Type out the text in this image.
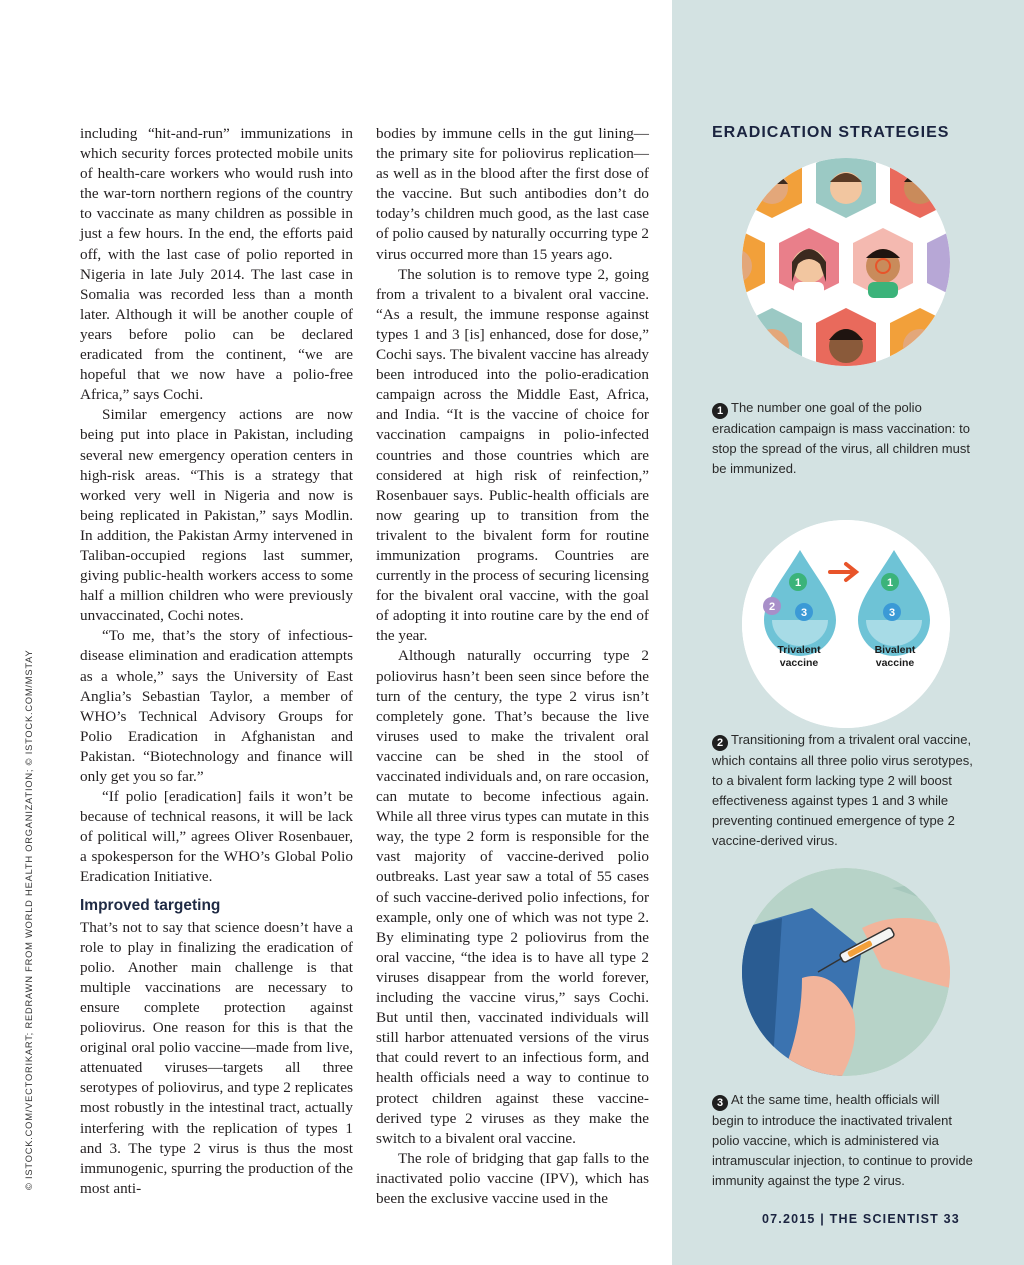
© ISTOCK.COM/VECTORIKART; REDRAWN FROM WORLD HEALTH ORGANIZATION; © ISTOCK.COM/MSTAY

including “hit-and-run” immunizations in which security forces protected mobile units of health-care workers who would rush into the war-torn northern regions of the country to vaccinate as many children as possible in just a few hours. In the end, the efforts paid off, with the last case of polio reported in Nigeria in late July 2014. The last case in Somalia was recorded less than a month later. Although it will be another couple of years before polio can be declared eradicated from the continent, “we are hopeful that we now have a polio-free Africa,” says Cochi.

Similar emergency actions are now being put into place in Pakistan, including several new emergency operation centers in high-risk areas. “This is a strategy that worked very well in Nigeria and now is being replicated in Pakistan,” says Modlin. In addition, the Pakistan Army intervened in Taliban-occupied regions last summer, giving public-health workers access to some half a million children who were previously unvaccinated, Cochi notes.

“To me, that’s the story of infectious-disease elimination and eradication attempts as a whole,” says the University of East Anglia’s Sebastian Taylor, a member of WHO’s Technical Advisory Groups for Polio Eradication in Afghanistan and Pakistan. “Biotechnology and finance will only get you so far.”

“If polio [eradication] fails it won’t be because of technical reasons, it will be lack of political will,” agrees Oliver Rosenbauer, a spokesperson for the WHO’s Global Polio Eradication Initiative.

Improved targeting

That’s not to say that science doesn’t have a role to play in finalizing the eradication of polio. Another main challenge is that multiple vaccinations are necessary to ensure complete protection against poliovirus. One reason for this is that the original oral polio vaccine—made from live, attenuated viruses—targets all three serotypes of poliovirus, and type 2 replicates most robustly in the intestinal tract, actually interfering with the replication of types 1 and 3. The type 2 virus is thus the most immunogenic, spurring the production of the most anti-

bodies by immune cells in the gut lining—the primary site for poliovirus replication—as well as in the blood after the first dose of the vaccine. But such antibodies don’t do today’s children much good, as the last case of polio caused by naturally occurring type 2 virus occurred more than 15 years ago.

The solution is to remove type 2, going from a trivalent to a bivalent oral vaccine. “As a result, the immune response against types 1 and 3 [is] enhanced, dose for dose,” Cochi says. The bivalent vaccine has already been introduced into the polio-eradication campaign across the Middle East, Africa, and India. “It is the vaccine of choice for vaccination campaigns in polio-infected countries and those countries which are considered at high risk of reinfection,” Rosenbauer says. Public-health officials are now gearing up to transition from the trivalent to the bivalent form for routine immunization programs. Countries are currently in the process of securing licensing for the bivalent oral vaccine, with the goal of adopting it into routine care by the end of the year.

Although naturally occurring type 2 poliovirus hasn’t been seen since before the turn of the century, the type 2 virus isn’t completely gone. That’s because the live viruses used to make the trivalent oral vaccine can be shed in the stool of vaccinated individuals and, on rare occasion, can mutate to become infectious again. While all three virus types can mutate in this way, the type 2 form is responsible for the vast majority of vaccine-derived polio outbreaks. Last year saw a total of 55 cases of such vaccine-derived polio infections, for example, only one of which was not type 2. By eliminating type 2 poliovirus from the oral vaccine, “the idea is to have all type 2 viruses disappear from the world forever, including the vaccine virus,” says Cochi. But until then, vaccinated individuals will still harbor attenuated versions of the virus that could revert to an infectious form, and health officials need a way to continue to protect children against these vaccine-derived type 2 viruses as they make the switch to a bivalent oral vaccine.

The role of bridging that gap falls to the inactivated polio vaccine (IPV), which has been the exclusive vaccine used in the

ERADICATION STRATEGIES
1 The number one goal of the polio eradication campaign is mass vaccination: to stop the spread of the virus, all children must be immunized.
1
2 3
1
3
Trivalent
vaccine
Bivalent
vaccine
2 Transitioning from a trivalent oral vaccine, which contains all three polio virus serotypes, to a bivalent form lacking type 2 will boost effectiveness against types 1 and 3 while preventing continued emergence of type 2 vaccine-derived virus.
3 At the same time, health officials will begin to introduce the inactivated trivalent polio vaccine, which is administered via intramuscular injection, to continue to provide immunity against the type 2 virus.
07.2015 | THE SCIENTIST 33
